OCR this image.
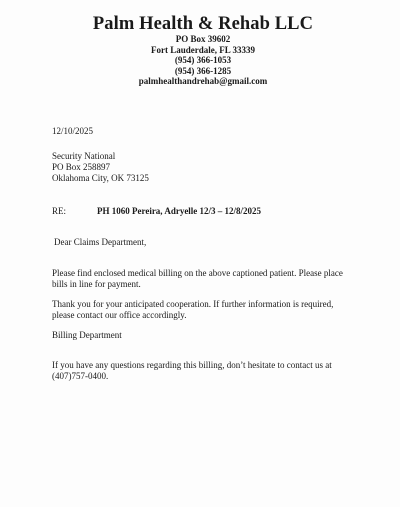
Palm Health & Rehab LLC
PO Box 39602
Fort Lauderdale, FL 33339
(954) 366-1053
(954) 366-1285
palmhealthandrehab@gmail.com
12/10/2025
Security National
PO Box 258897
Oklahoma City, OK 73125
RE:	PH 1060 Pereira, Adryelle 12/3 – 12/8/2025
Dear Claims Department,
Please find enclosed medical billing on the above captioned patient. Please place
bills in line for payment.
Thank you for your anticipated cooperation. If further information is required,
please contact our office accordingly.
Billing Department
If you have any questions regarding this billing, don’t hesitate to contact us at
(407)757-0400.
